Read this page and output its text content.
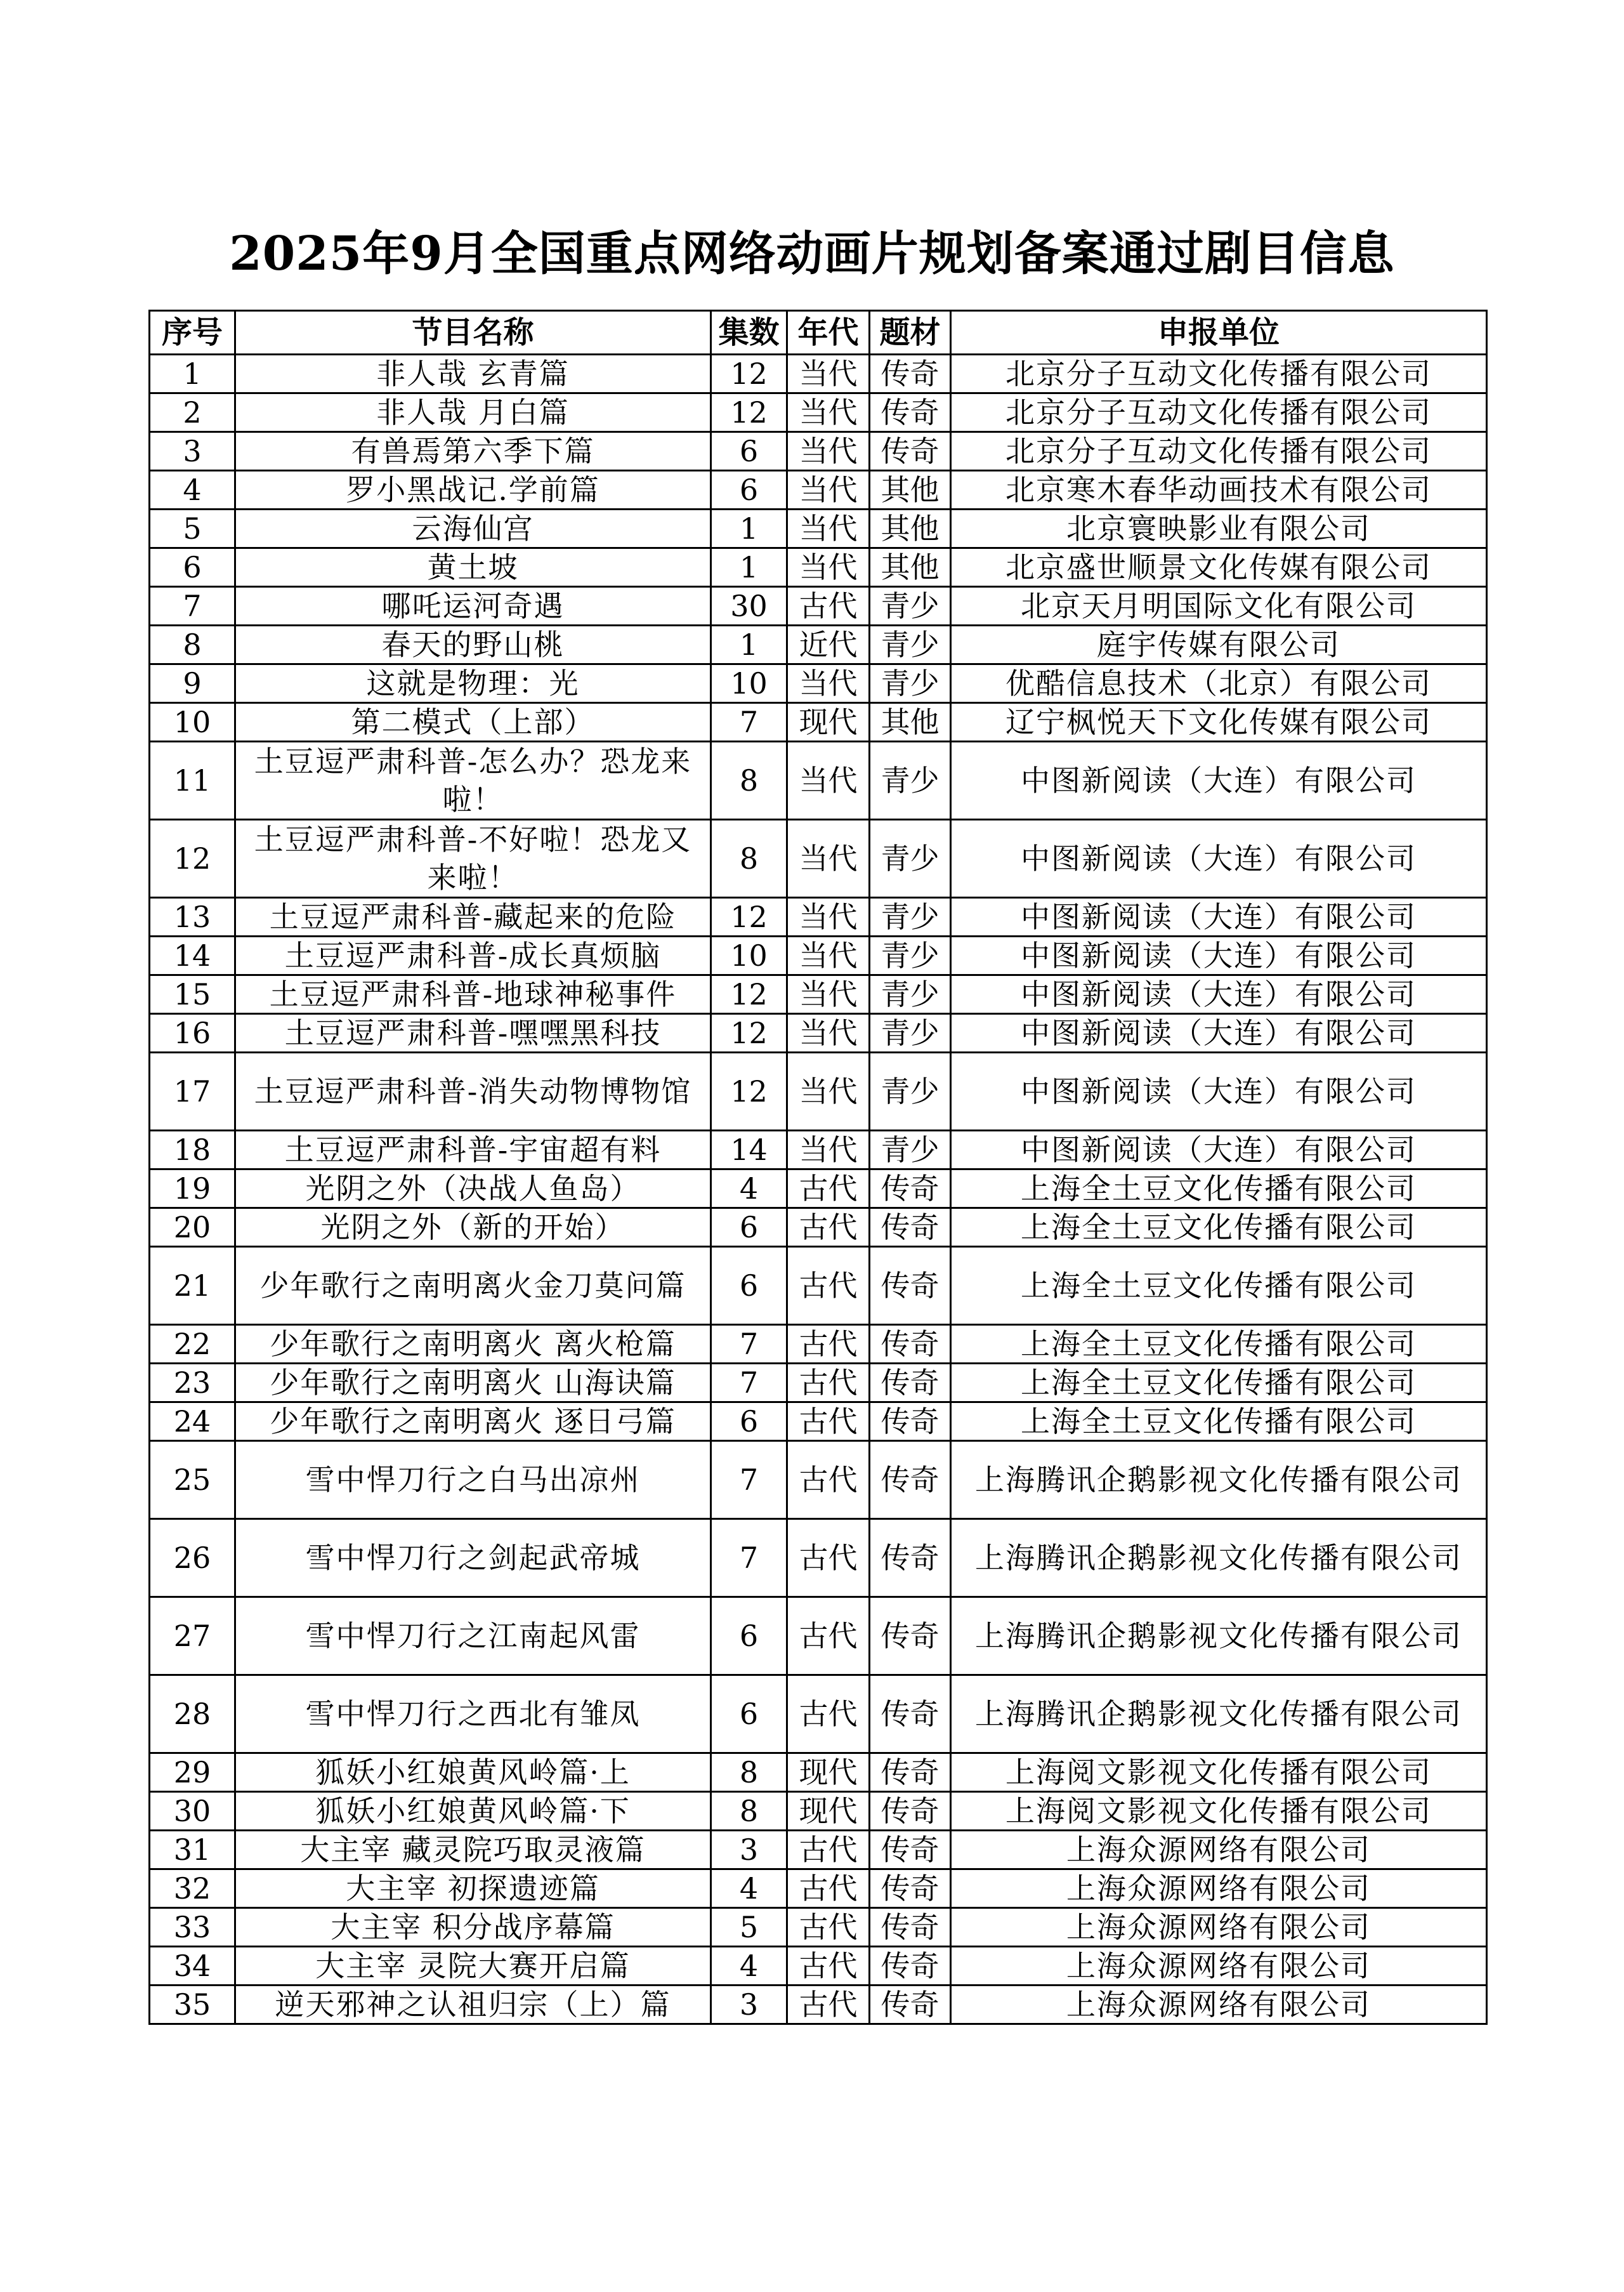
2025年9月全国重点网络动画片规划备案通过剧目信息
序号	节目名称	集数	年代	题材	申报单位
1	非人哉 玄青篇	12	当代	传奇	北京分子互动文化传播有限公司
2	非人哉 月白篇	12	当代	传奇	北京分子互动文化传播有限公司
3	有兽焉第六季下篇	6	当代	传奇	北京分子互动文化传播有限公司
4	罗小黑战记.学前篇	6	当代	其他	北京寒木春华动画技术有限公司
5	云海仙宫	1	当代	其他	北京寰映影业有限公司
6	黄土坡	1	当代	其他	北京盛世顺景文化传媒有限公司
7	哪吒运河奇遇	30	古代	青少	北京天月明国际文化有限公司
8	春天的野山桃	1	近代	青少	庭宇传媒有限公司
9	这就是物理：光	10	当代	青少	优酷信息技术（北京）有限公司
10	第二模式（上部）	7	现代	其他	辽宁枫悦天下文化传媒有限公司
11	土豆逗严肃科普-怎么办？恐龙来啦！	8	当代	青少	中图新阅读（大连）有限公司
12	土豆逗严肃科普-不好啦！恐龙又来啦！	8	当代	青少	中图新阅读（大连）有限公司
13	土豆逗严肃科普-藏起来的危险	12	当代	青少	中图新阅读（大连）有限公司
14	土豆逗严肃科普-成长真烦脑	10	当代	青少	中图新阅读（大连）有限公司
15	土豆逗严肃科普-地球神秘事件	12	当代	青少	中图新阅读（大连）有限公司
16	土豆逗严肃科普-嘿嘿黑科技	12	当代	青少	中图新阅读（大连）有限公司
17	土豆逗严肃科普-消失动物博物馆	12	当代	青少	中图新阅读（大连）有限公司
18	土豆逗严肃科普-宇宙超有料	14	当代	青少	中图新阅读（大连）有限公司
19	光阴之外（决战人鱼岛）	4	古代	传奇	上海全土豆文化传播有限公司
20	光阴之外（新的开始）	6	古代	传奇	上海全土豆文化传播有限公司
21	少年歌行之南明离火金刀莫问篇	6	古代	传奇	上海全土豆文化传播有限公司
22	少年歌行之南明离火 离火枪篇	7	古代	传奇	上海全土豆文化传播有限公司
23	少年歌行之南明离火 山海诀篇	7	古代	传奇	上海全土豆文化传播有限公司
24	少年歌行之南明离火 逐日弓篇	6	古代	传奇	上海全土豆文化传播有限公司
25	雪中悍刀行之白马出凉州	7	古代	传奇	上海腾讯企鹅影视文化传播有限公司
26	雪中悍刀行之剑起武帝城	7	古代	传奇	上海腾讯企鹅影视文化传播有限公司
27	雪中悍刀行之江南起风雷	6	古代	传奇	上海腾讯企鹅影视文化传播有限公司
28	雪中悍刀行之西北有雏凤	6	古代	传奇	上海腾讯企鹅影视文化传播有限公司
29	狐妖小红娘黄风岭篇·上	8	现代	传奇	上海阅文影视文化传播有限公司
30	狐妖小红娘黄风岭篇·下	8	现代	传奇	上海阅文影视文化传播有限公司
31	大主宰 藏灵院巧取灵液篇	3	古代	传奇	上海众源网络有限公司
32	大主宰 初探遗迹篇	4	古代	传奇	上海众源网络有限公司
33	大主宰 积分战序幕篇	5	古代	传奇	上海众源网络有限公司
34	大主宰 灵院大赛开启篇	4	古代	传奇	上海众源网络有限公司
35	逆天邪神之认祖归宗（上）篇	3	古代	传奇	上海众源网络有限公司
